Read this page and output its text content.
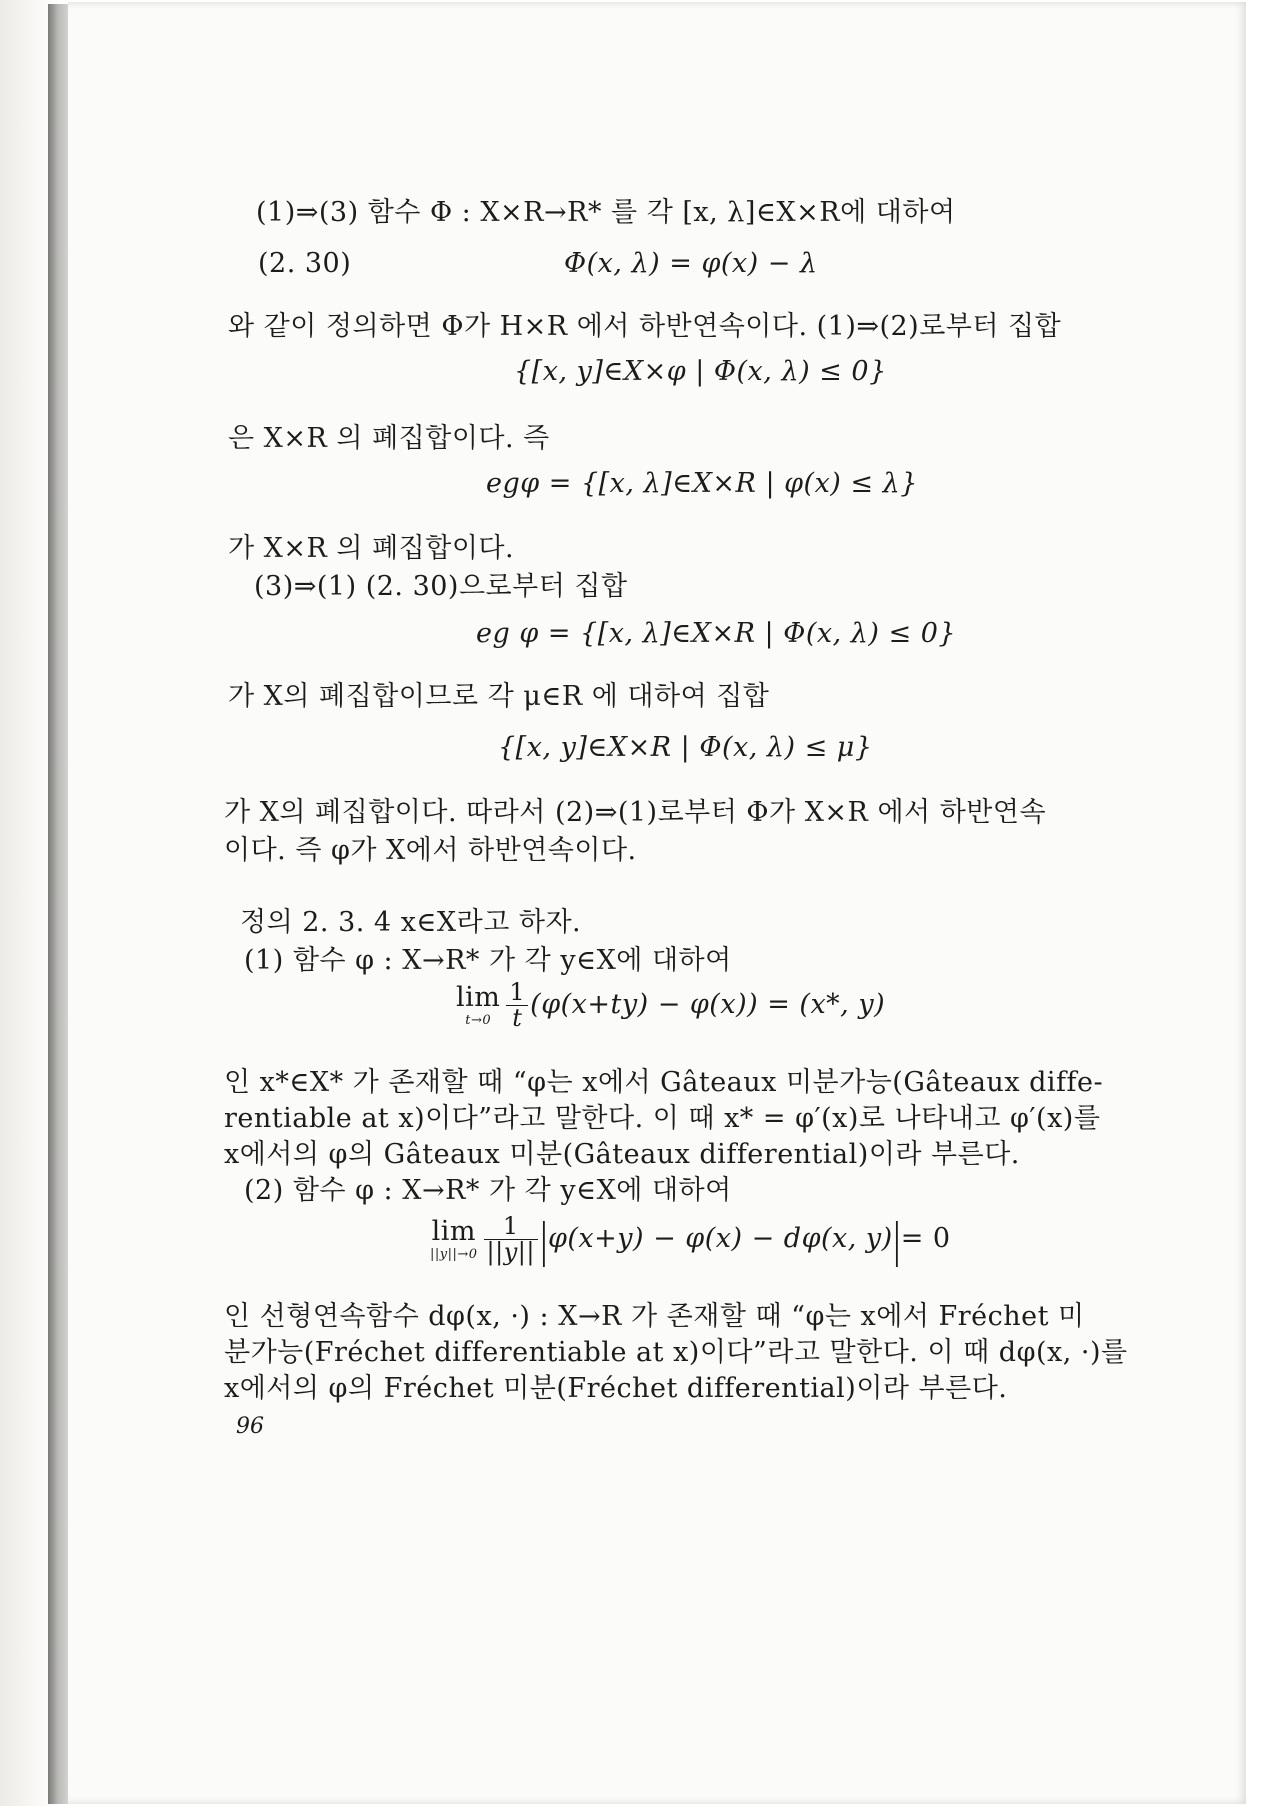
(1)⇒(3) 함수 Φ : X×R→R* 를 각 [x, λ]∈X×R에 대하여
(2. 30)	Φ(x, λ) = φ(x) − λ
와 같이 정의하면 Φ가 H×R 에서 하반연속이다. (1)⇒(2)로부터 집합
{[x, y]∈X×φ | Φ(x, λ) ≤ 0}
은 X×R 의 폐집합이다. 즉
egφ = {[x, λ]∈X×R | φ(x) ≤ λ}
가 X×R 의 폐집합이다.
(3)⇒(1) (2. 30)으로부터 집합
eg φ = {[x, λ]∈X×R | Φ(x, λ) ≤ 0}
가 X의 폐집합이므로 각 μ∈R 에 대하여 집합
{[x, y]∈X×R | Φ(x, λ) ≤ μ}
가 X의 폐집합이다. 따라서 (2)⇒(1)로부터 Φ가 X×R 에서 하반연속
이다. 즉 φ가 X에서 하반연속이다.
정의 2. 3. 4 x∈X라고 하자.
(1) 함수 φ : X→R* 가 각 y∈X에 대하여
lim
$t\to 0 \frac{1}{t} (\varphi(x+ty) - \varphi(x)) = (x*$, y)
인 x*∈X* 가 존재할 때 “φ는 x에서 Gâteaux 미분가능(Gâteaux diffe-
rentiable at x)이다”라고 말한다. 이 때 x* = φ′(x)로 나타내고 φ′(x)를
x에서의 φ의 Gâteaux 미분(Gâteaux differential)이라 부른다.
(2) 함수 φ : X→R* 가 각 y∈X에 대하여
lim
$||y||\to 0 \frac{1}{||y||} |\varphi(x+y) - \varphi(x) - d\varphi(x$, y)|= 0
인 선형연속함수 dφ(x, ·) : X→R 가 존재할 때 “φ는 x에서 Fréchet 미
분가능(Fréchet differentiable at x)이다”라고 말한다. 이 때 dφ(x, ·)를
x에서의 φ의 Fréchet 미분(Fréchet differential)이라 부른다.
96
